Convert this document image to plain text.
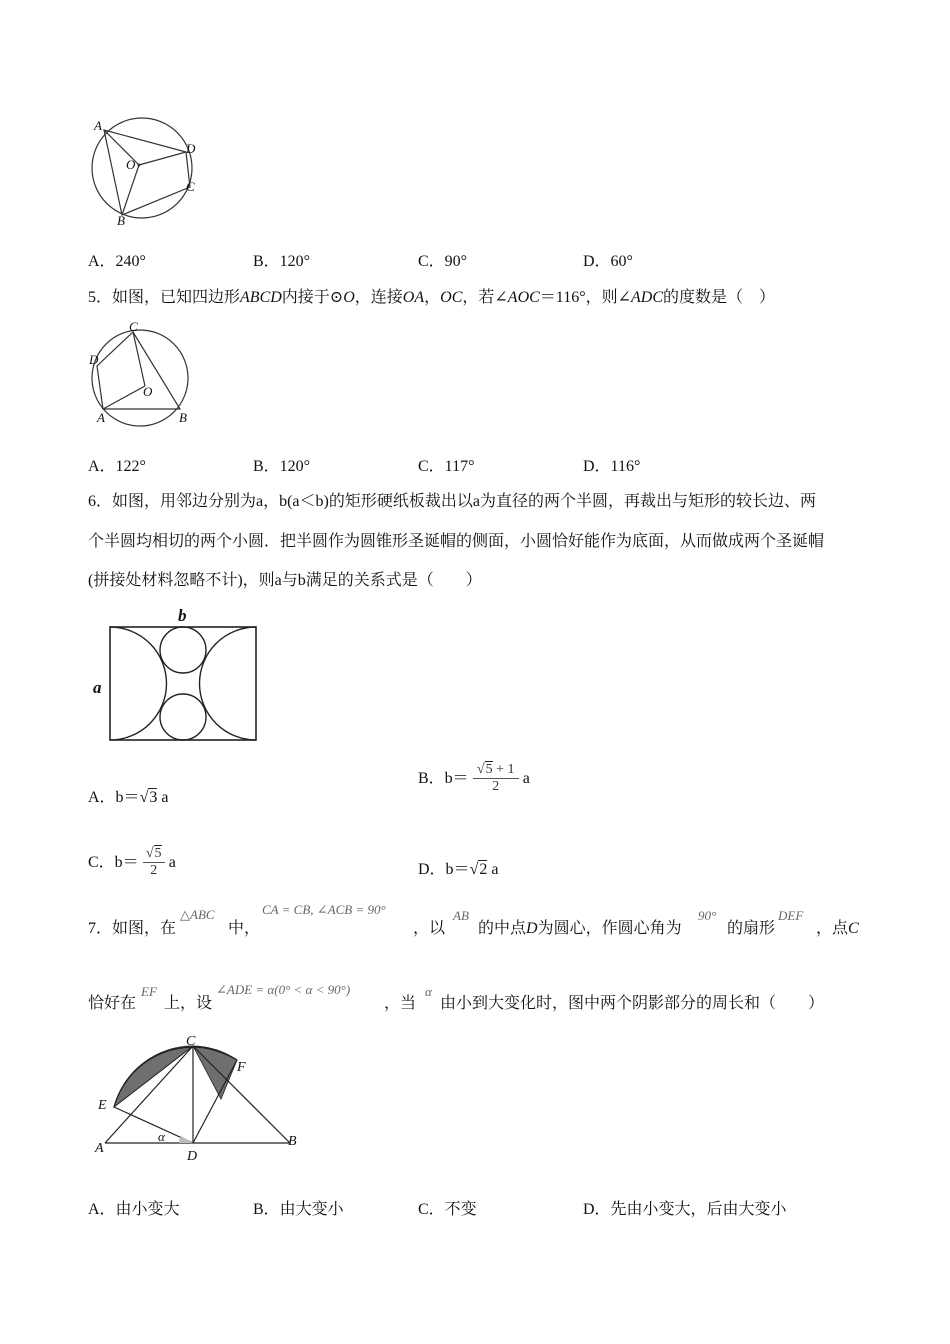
A
D
C
B
O
A．240°	B．120°	C．90°	D．60°
5．如图，已知四边形ABCD内接于⊙O，连接OA，OC，若∠AOC＝116°，则∠ADC的度数是（　）
C
D
A	B
O
A．122°	B．120°	C．117°	D．116°
6．如图，用邻边分别为a，b(a＜b)的矩形硬纸板裁出以a为直径的两个半圆，再裁出与矩形的较长边、两
个半圆均相切的两个小圆．把半圆作为圆锥形圣诞帽的侧面，小圆恰好能作为底面，从而做成两个圣诞帽
(拼接处材料忽略不计)，则a与b满足的关系式是（　　）
b
a
A．b＝√3 a
B．$b= \frac{√5 + 1}{2}$ a
C．$b= \frac{√5}{2}$ a	D．b＝√2 a
7．如图，在
△ABC
中，
CA = CB, ∠ACB = 90°
，以
AB
的中点D为圆心，作圆心角为
90°
的扇形
DEF
，点C
恰好在
EF
上，设
∠ADE = α(0° < α < 90°)
，当
α
由小到大变化时，图中两个阴影部分的周长和（　　）
A	B
C
D
E
F
α
A．由小变大	B．由大变小	C．不变	D．先由小变大，后由大变小
